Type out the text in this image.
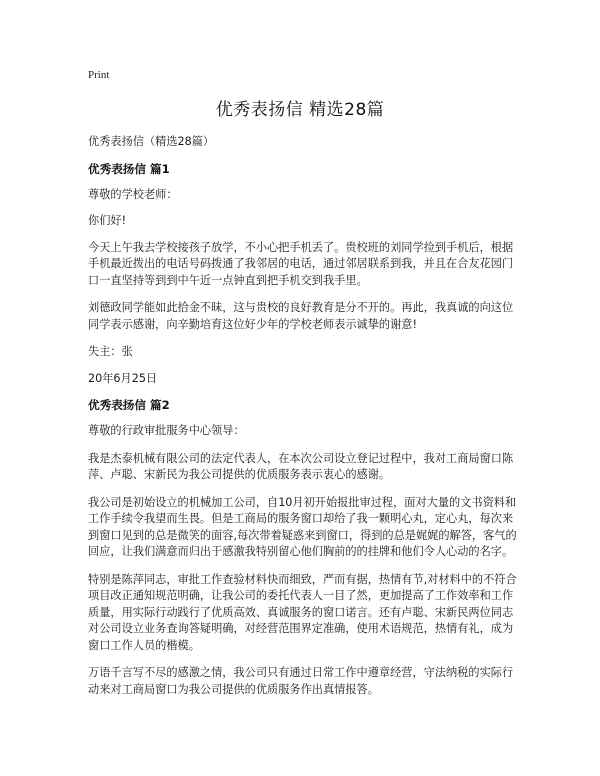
Print
优秀表扬信 精选28篇

优秀表扬信（精选28篇）

优秀表扬信 篇1

尊敬的学校老师：

你们好!

今天上午我去学校接孩子放学，不小心把手机丢了。贵校班的刘同学捡到手机后，根据手机最近拨出的电话号码拨通了我邻居的电话，通过邻居联系到我，并且在合友花园门口一直坚持等到到中午近一点钟直到把手机交到我手里。

刘德政同学能如此拾金不昧，这与贵校的良好教育是分不开的。再此，我真诚的向这位同学表示感谢，向辛勤培育这位好少年的学校老师表示诚挚的谢意!

失主：张

20年6月25日

优秀表扬信 篇2

尊敬的行政审批服务中心领导：

我是杰泰机械有限公司的法定代表人，在本次公司设立登记过程中，我对工商局窗口陈萍、卢聪、宋新民为我公司提供的优质服务表示衷心的感谢。

我公司是初始设立的机械加工公司，自10月初开始报批审过程，面对大量的文书资料和工作手续令我望而生畏。但是工商局的服务窗口却给了我一颗明心丸，定心丸，每次来到窗口见到的总是微笑的面容,每次带着疑惑来到窗口，得到的总是娓娓的解答，客气的回应，让我们满意而归出于感激我特别留心他们胸前的的挂牌和他们令人心动的名字。

特别是陈萍同志，审批工作查验材料快而细致，严而有据，热情有节,对材料中的不符合项目改正通知规范明确，让我公司的委托代表人一目了然，更加提高了工作效率和工作质量，用实际行动践行了优质高效、真诚服务的窗口诺言。还有卢聪、宋新民两位同志对公司设立业务查询答疑明确，对经营范围界定准确，使用术语规范，热情有礼，成为窗口工作人员的楷模。

万语千言写不尽的感激之情，我公司只有通过日常工作中遵章经营，守法纳税的实际行动来对工商局窗口为我公司提供的优质服务作出真情报答。
